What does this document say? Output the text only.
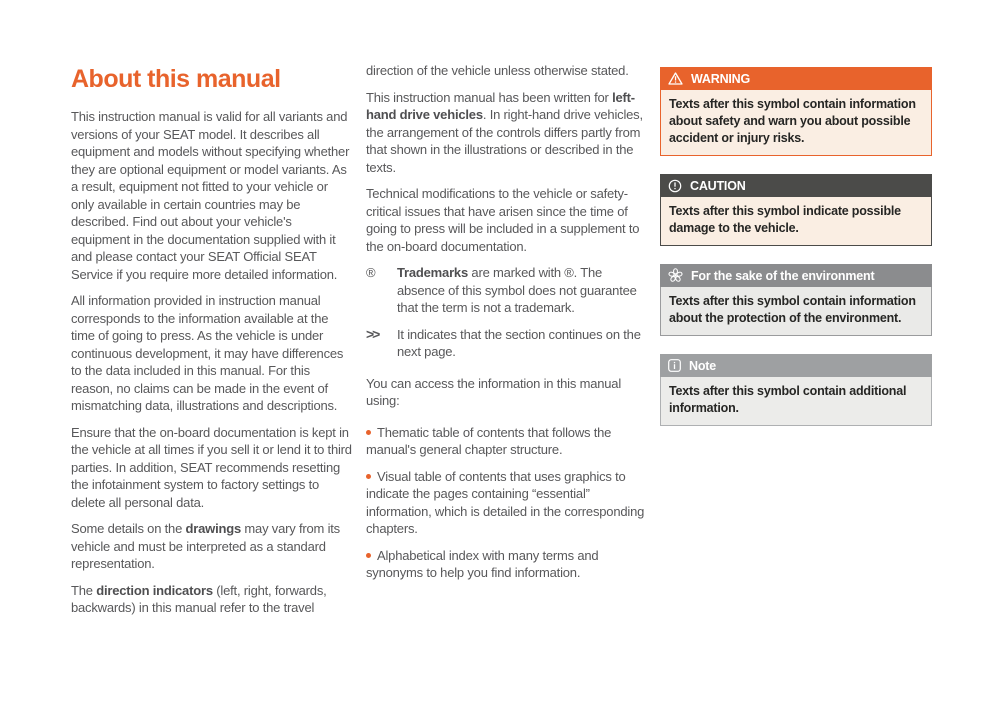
About this manual

This instruction manual is valid for all variants and versions of your SEAT model. It describes all equipment and models without specifying whether they are optional equipment or model variants. As a result, equipment not fitted to your vehicle or only available in certain countries may be described. Find out about your vehicle's equipment in the documentation supplied with it and please contact your SEAT Official SEAT Service if you require more detailed information.

All information provided in instruction manual corresponds to the information available at the time of going to press. As the vehicle is under continuous development, it may have differences to the data included in this manual. For this reason, no claims can be made in the event of mismatching data, illustrations and descriptions.

Ensure that the on-board documentation is kept in the vehicle at all times if you sell it or lend it to third parties. In addition, SEAT recommends resetting the infotainment system to factory settings to delete all personal data.

Some details on the drawings may vary from its vehicle and must be interpreted as a standard representation.

The direction indicators (left, right, forwards, backwards) in this manual refer to the travel

direction of the vehicle unless otherwise stated.

This instruction manual has been written for left-hand drive vehicles. In right-hand drive vehicles, the arrangement of the controls differs partly from that shown in the illustrations or described in the texts.

Technical modifications to the vehicle or safety-critical issues that have arisen since the time of going to press will be included in a supplement to the on-board documentation.

®	Trademarks are marked with ®. The absence of this symbol does not guarantee that the term is not a trademark.
>>	It indicates that the section continues on the next page.

You can access the information in this manual using:

Thematic table of contents that follows the manual's general chapter structure.

Visual table of contents that uses graphics to indicate the pages containing “essential” information, which is detailed in the corresponding chapters.

Alphabetical index with many terms and synonyms to help you find information.

WARNING
Texts after this symbol contain information about safety and warn you about possible accident or injury risks.
CAUTION
Texts after this symbol indicate possible damage to the vehicle.
For the sake of the environment
Texts after this symbol contain information about the protection of the environment.
Note
Texts after this symbol contain additional information.
